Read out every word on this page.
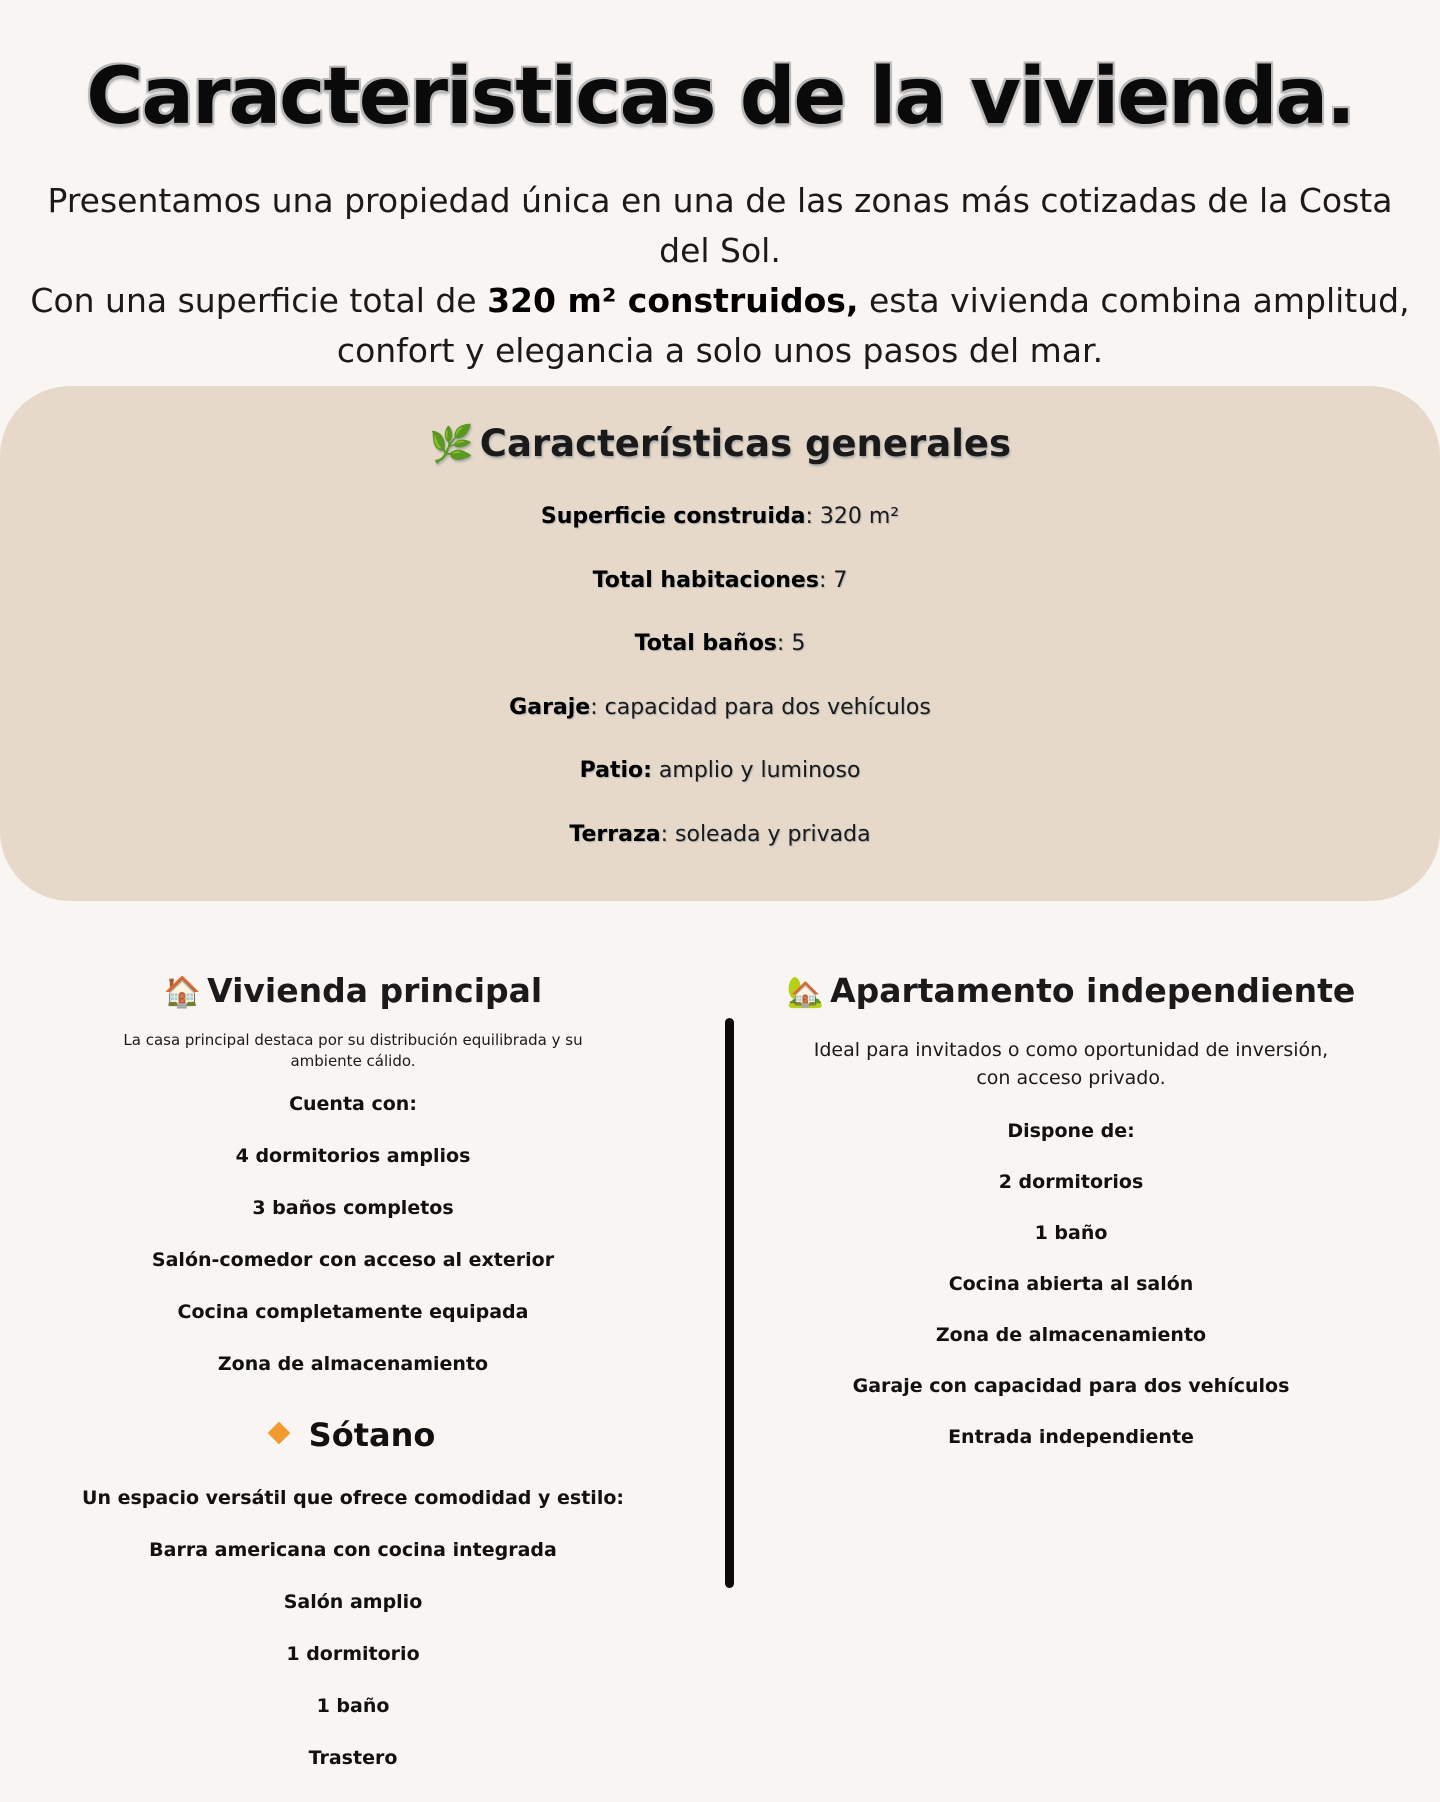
Caracteristicas de la vivienda.

Presentamos una propiedad única en una de las zonas más cotizadas de la Costa del Sol.

Con una superficie total de 320 m² construidos, esta vivienda combina amplitud, confort y elegancia a solo unos pasos del mar.

🌿 Características generales
Superficie construida: 320 m²
Total habitaciones: 7
Total baños: 5
Garaje: capacidad para dos vehículos
Patio: amplio y luminoso
Terraza: soleada y privada
🏠 Vivienda principal

La casa principal destaca por su distribución equilibrada y su ambiente cálido.

Cuenta con:
4 dormitorios amplios
3 baños completos
Salón-comedor con acceso al exterior
Cocina completamente equipada
Zona de almacenamiento
Sótano
Un espacio versátil que ofrece comodidad y estilo:
Barra americana con cocina integrada
Salón amplio
1 dormitorio
1 baño
Trastero
🏡 Apartamento independiente

Ideal para invitados o como oportunidad de inversión, con acceso privado.

Dispone de:
2 dormitorios
1 baño
Cocina abierta al salón
Zona de almacenamiento
Garaje con capacidad para dos vehículos
Entrada independiente
